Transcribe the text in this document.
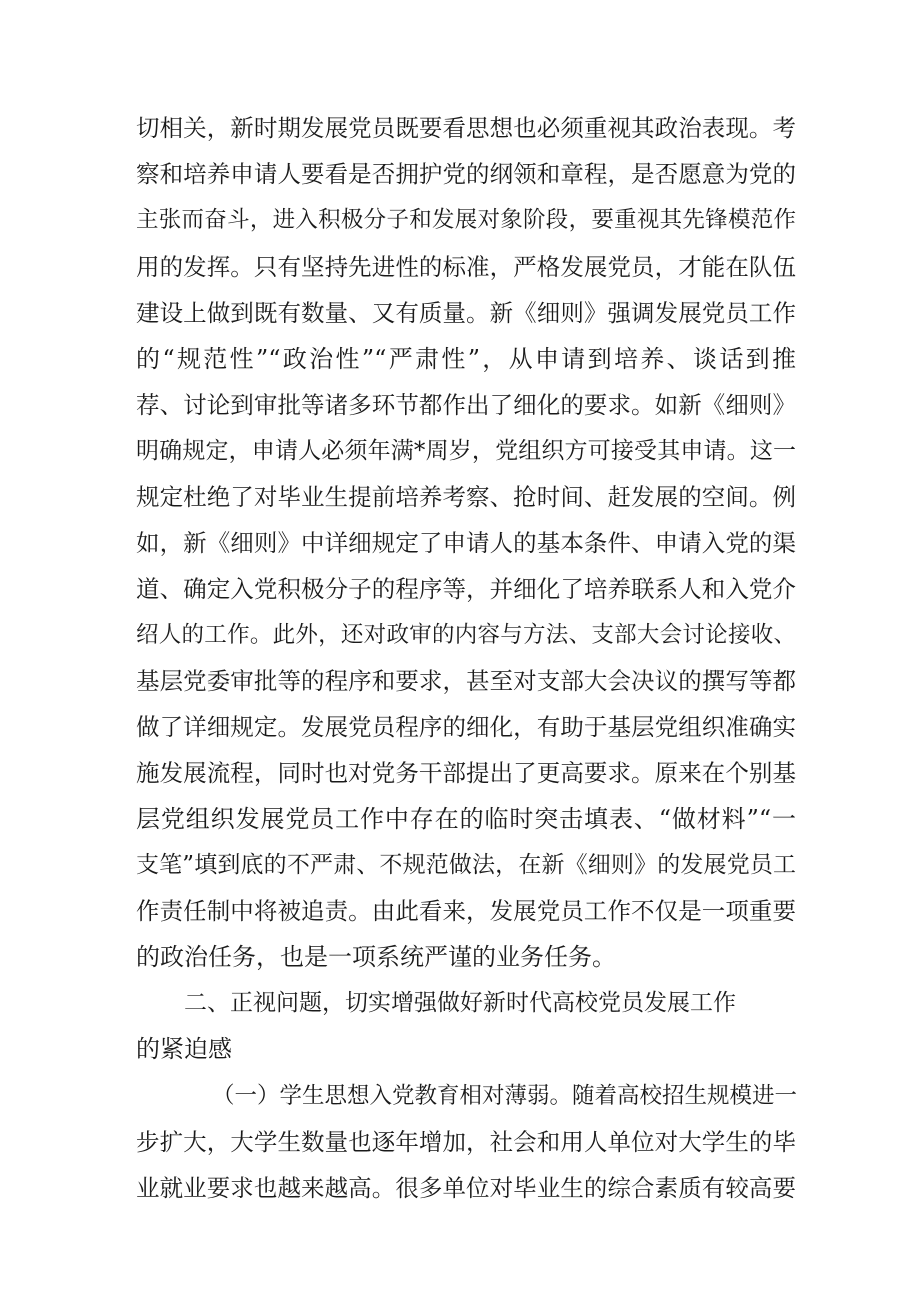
切相关，新时期发展党员既要看思想也必须重视其政治表现。考
察和培养申请人要看是否拥护党的纲领和章程，是否愿意为党的
主张而奋斗，进入积极分子和发展对象阶段，要重视其先锋模范作
用的发挥。只有坚持先进性的标准，严格发展党员，才能在队伍
建设上做到既有数量、又有质量。新《细则》强调发展党员工作
的“规范性”“政治性”“严肃性”，从申请到培养、谈话到推
荐、讨论到审批等诸多环节都作出了细化的要求。如新《细则》
明确规定，申请人必须年满*周岁，党组织方可接受其申请。这一
规定杜绝了对毕业生提前培养考察、抢时间、赶发展的空间。例
如，新《细则》中详细规定了申请人的基本条件、申请入党的渠
道、确定入党积极分子的程序等，并细化了培养联系人和入党介
绍人的工作。此外，还对政审的内容与方法、支部大会讨论接收、
基层党委审批等的程序和要求，甚至对支部大会决议的撰写等都
做了详细规定。发展党员程序的细化，有助于基层党组织准确实
施发展流程，同时也对党务干部提出了更高要求。原来在个别基
层党组织发展党员工作中存在的临时突击填表、“做材料”“一
支笔”填到底的不严肃、不规范做法，在新《细则》的发展党员工
作责任制中将被追责。由此看来，发展党员工作不仅是一项重要
的政治任务，也是一项系统严谨的业务任务。
二、正视问题，切实增强做好新时代高校党员发展工作
的紧迫感
（一）学生思想入党教育相对薄弱。随着高校招生规模进一
步扩大，大学生数量也逐年增加，社会和用人单位对大学生的毕
业就业要求也越来越高。很多单位对毕业生的综合素质有较高要
